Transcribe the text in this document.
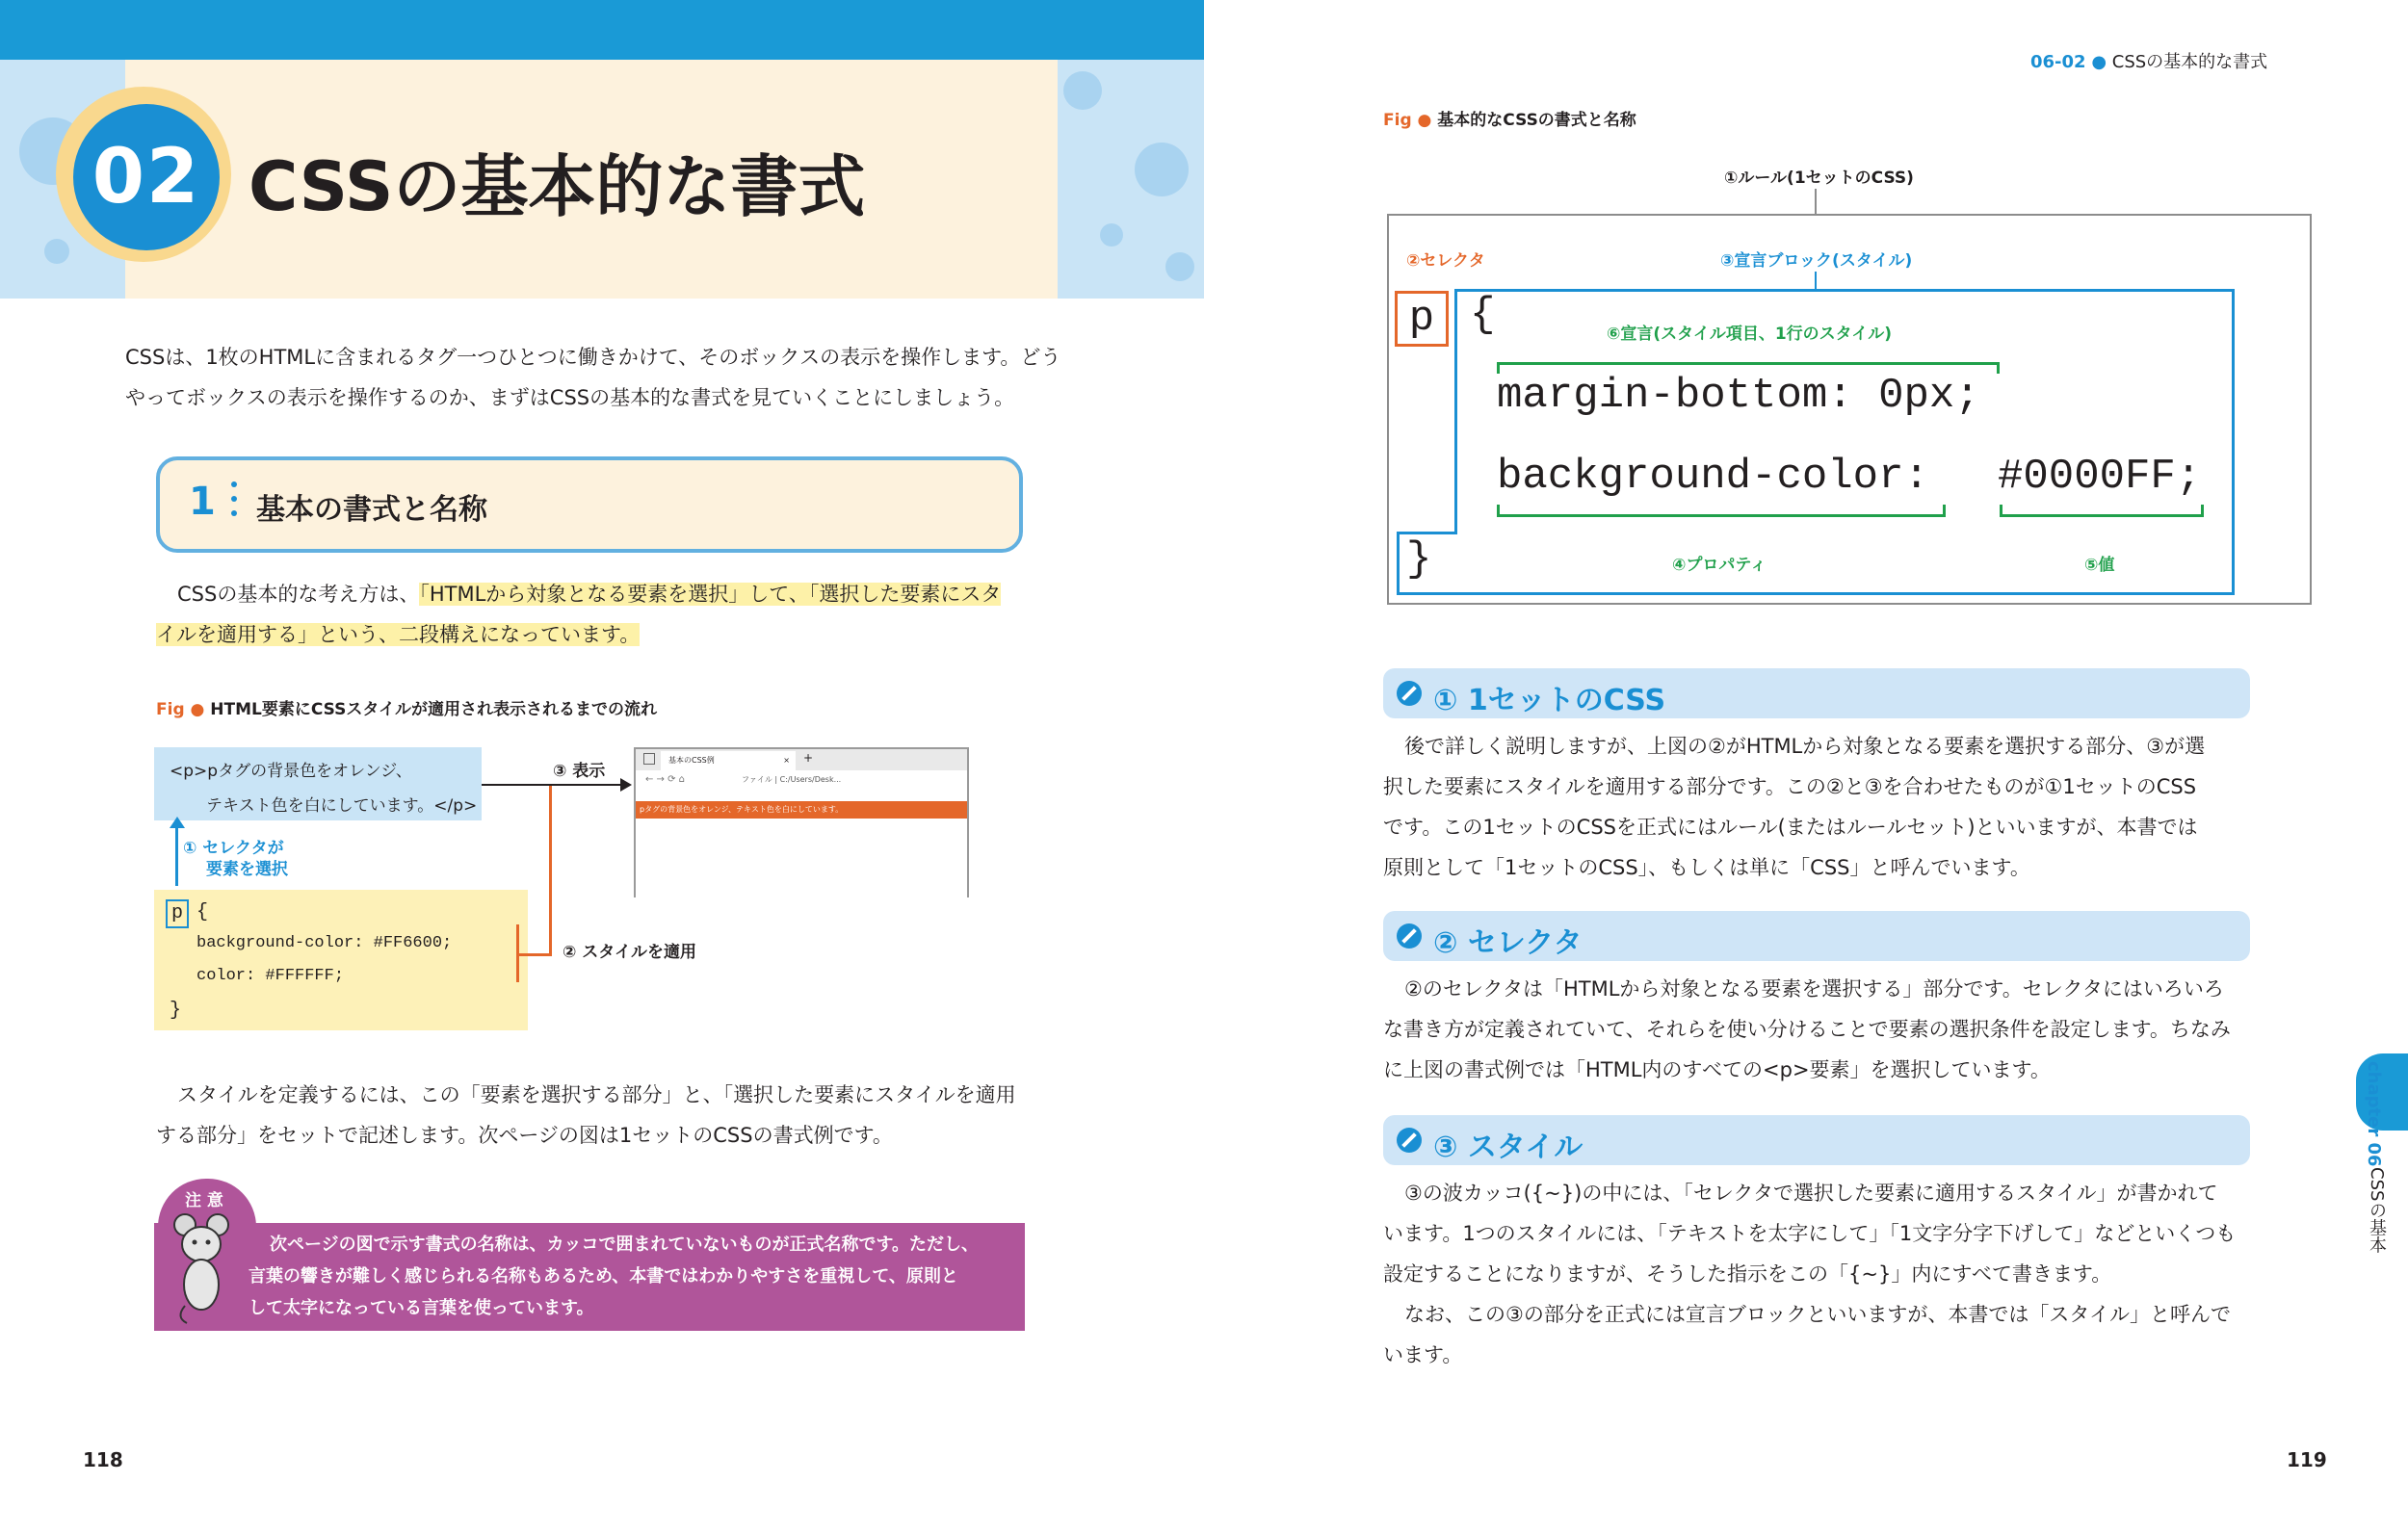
02 CSSの基本的な書式
CSSは、1枚のHTMLに含まれるタグ一つひとつに働きかけて、そのボックスの表示を操作します。どう
やってボックスの表示を操作するのか、まずはCSSの基本的な書式を見ていくことにしましょう。
1 基本の書式と名称
CSSの基本的な考え方は、「HTMLから対象となる要素を選択」して、「選択した要素にスタ
イルを適用する」という、二段構えになっています。
Fig ● HTML要素にCSSスタイルが適用され表示されるまでの流れ
<p>pタグの背景色をオレンジ、
テキスト色を白にしています。</p>
① セレクタが
要素を選択
p {
background-color: #FF6600;
color: #FFFFFF;
}
② スタイルを適用
③ 表示
基本のCSS例	× +
← → ⟳ ⌂	ファイル | C:/Users/Desk...
pタグの背景色をオレンジ、テキスト色を白にしています。
スタイルを定義するには、この「要素を選択する部分」と、「選択した要素にスタイルを適用
する部分」をセットで記述します。次ページの図は1セットのCSSの書式例です。
注 意
次ページの図で示す書式の名称は、カッコで囲まれていないものが正式名称です。ただし、
言葉の響きが難しく感じられる名称もあるため、本書ではわかりやすさを重視して、原則と
して太字になっている言葉を使っています。
118
06-02 ● CSSの基本的な書式
Fig ● 基本的なCSSの書式と名称
①ルール(1セットのCSS)
②セレクタ	③宣言ブロック(スタイル)
p {	⑥宣言(スタイル項目、1行のスタイル)
margin-bottom: 0px;
background-color: #0000FF;
}	④プロパティ	⑤値
① 1セットのCSS
後で詳しく説明しますが、上図の②がHTMLから対象となる要素を選択する部分、③が選
択した要素にスタイルを適用する部分です。この②と③を合わせたものが①1セットのCSS
です。この1セットのCSSを正式にはルール(またはルールセット)といいますが、本書では
原則として「1セットのCSS」、もしくは単に「CSS」と呼んでいます。
② セレクタ
②のセレクタは「HTMLから対象となる要素を選択する」部分です。セレクタにはいろいろ
な書き方が定義されていて、それらを使い分けることで要素の選択条件を設定します。ちなみ
に上図の書式例では「HTML内のすべての<p>要素」を選択しています。
③ スタイル
③の波カッコ({~})の中には、「セレクタで選択した要素に適用するスタイル」が書かれて
います。1つのスタイルには、「テキストを太字にして」「1文字分字下げして」などといくつも
設定することになりますが、そうした指示をこの「{~}」内にすべて書きます。
なお、この③の部分を正式には宣言ブロックといいますが、本書では「スタイル」と呼んで
います。
chapter 06
CSSの基本
119
